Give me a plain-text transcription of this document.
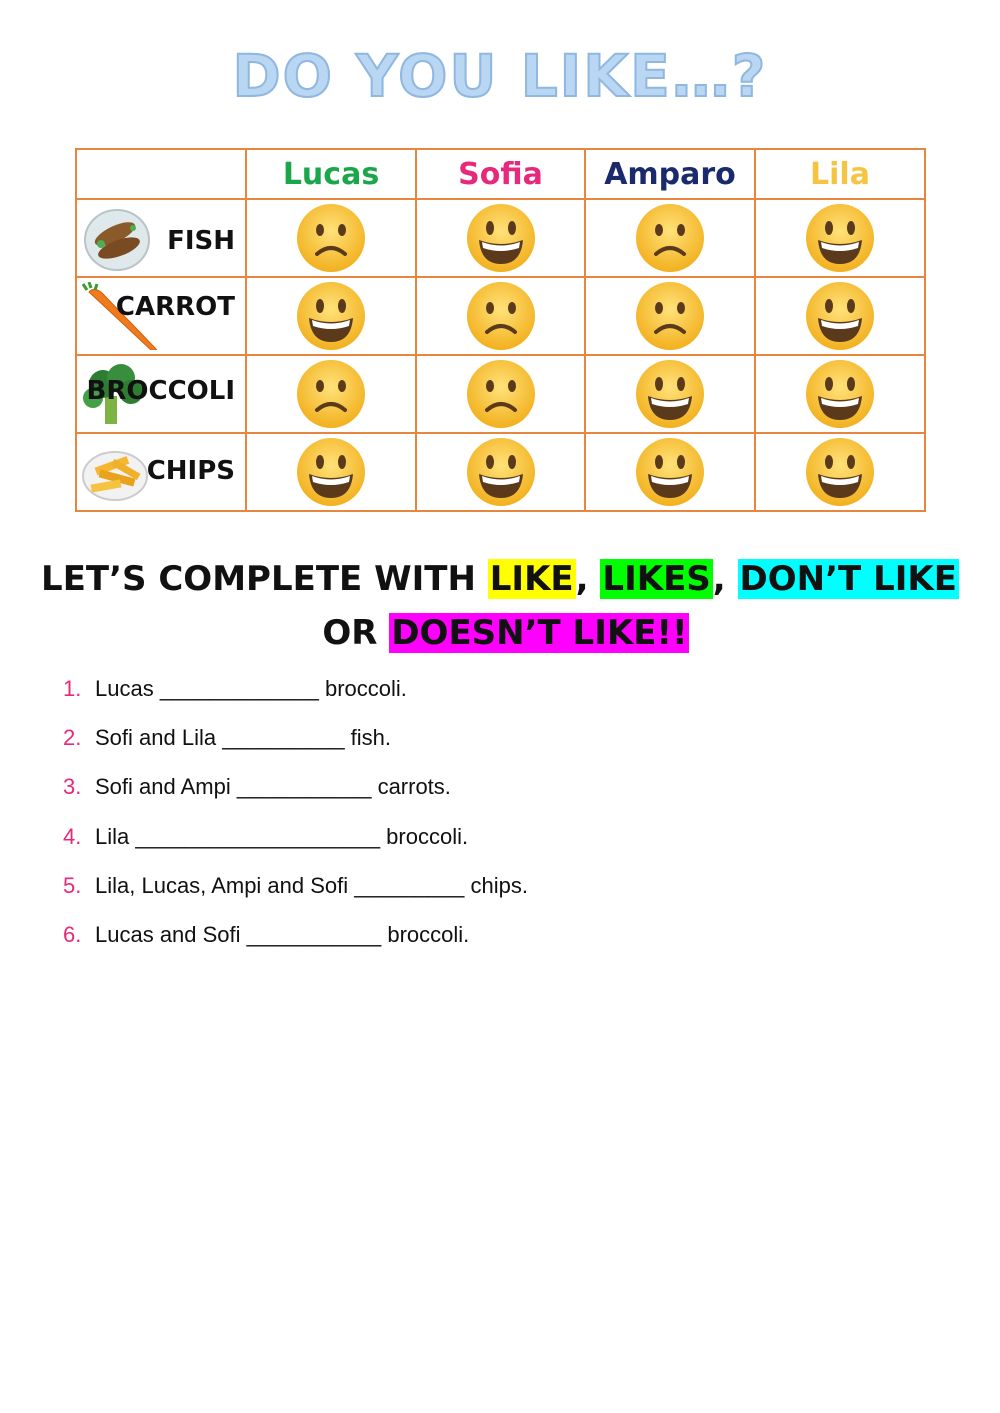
DO YOU LIKE…?
	Lucas	Sofia	Amparo	Lila

FISH

CARROT

BROCCOLI

CHIPS

LET’S COMPLETE WITH LIKE, LIKES, DON’T LIKE OR DOESN’T LIKE!!
1. Lucas _____________ broccoli.
2. Sofi and Lila __________ fish.
3. Sofi and Ampi ___________ carrots.
4. Lila ____________________ broccoli.
5. Lila, Lucas, Ampi and Sofi _________ chips.
6. Lucas and Sofi ___________ broccoli.
